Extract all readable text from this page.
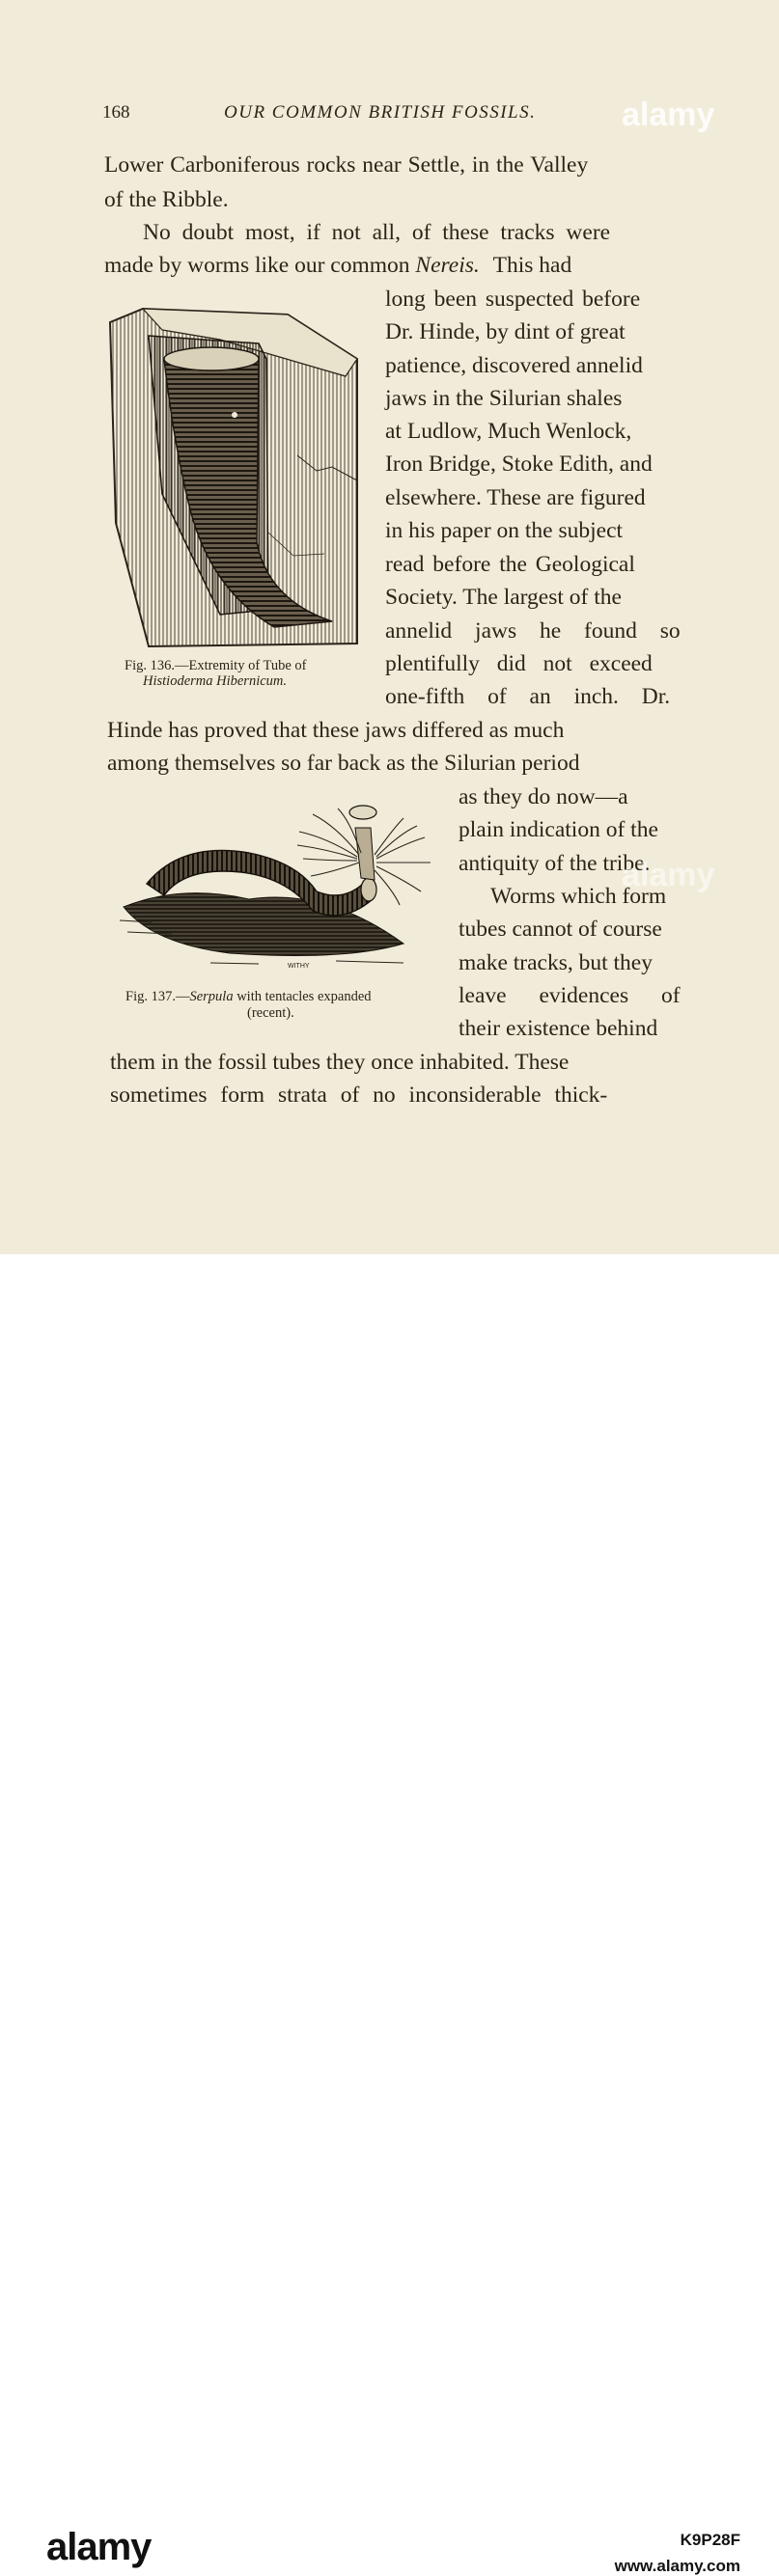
168	OUR COMMON BRITISH FOSSILS.
Lower Carboniferous rocks near Settle, in the Valley
of the Ribble.
No doubt most, if not all, of these tracks were
made by worms like our common Nereis. This had
long been suspected before
Dr. Hinde, by dint of great
patience, discovered annelid
jaws in the Silurian shales
at Ludlow, Much Wenlock,
Iron Bridge, Stoke Edith, and
elsewhere. These are figured
in his paper on the subject
read before the Geological
Society. The largest of the
annelid jaws he found so
plentifully did not exceed
one-fifth of an inch. Dr.
Hinde has proved that these jaws differed as much
among themselves so far back as the Silurian period
as they do now—a
plain indication of the
antiquity of the tribe.
Worms which form
tubes cannot of course
make tracks, but they
leave evidences of
their existence behind
them in the fossil tubes they once inhabited. These
sometimes form strata of no inconsiderable thick-
Fig. 136.—Extremity of Tube of
Histioderma Hibernicum.
WITHY
Fig. 137.—Serpula with tentacles expanded
(recent).
alamy
alamy
alamy	K9P28F
www.alamy.com
